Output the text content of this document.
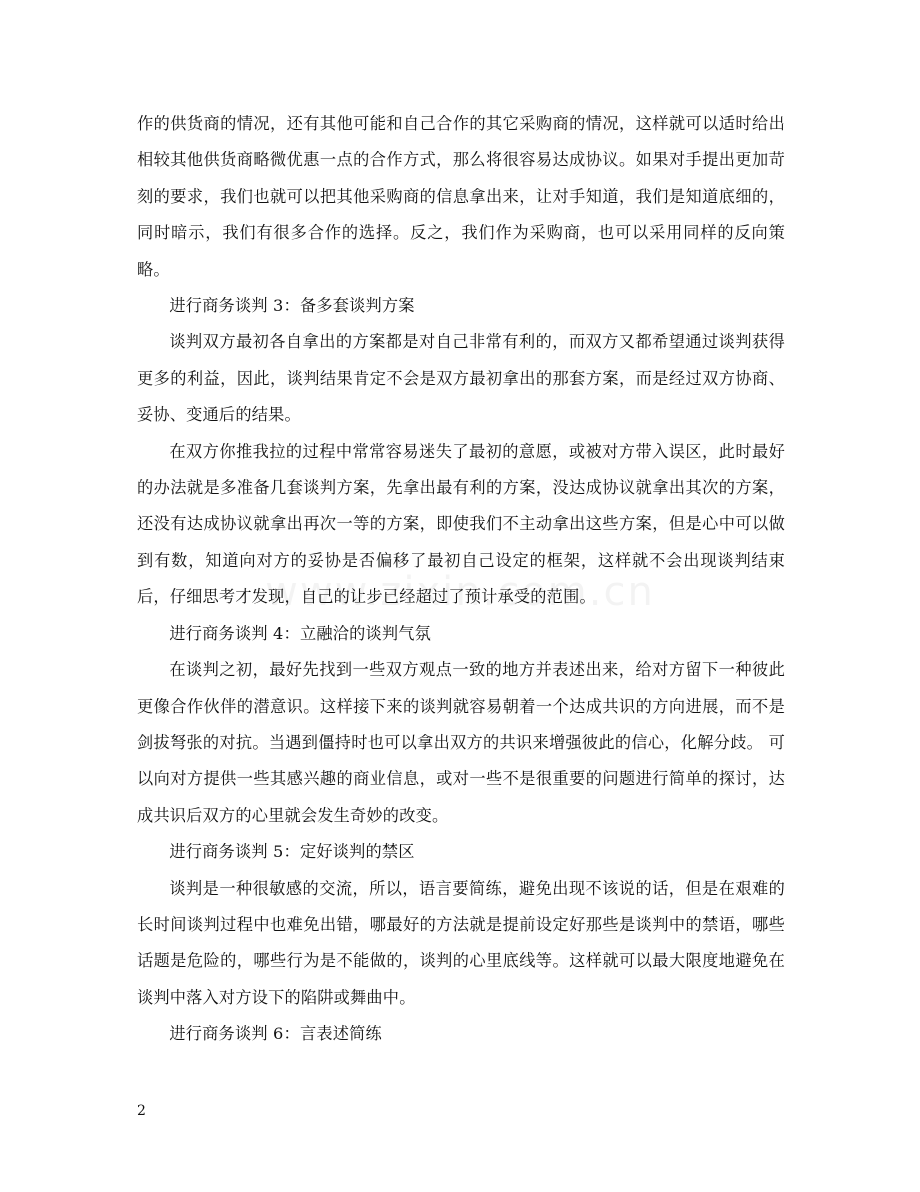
作的供货商的情况，还有其他可能和自己合作的其它采购商的情况，这样就可以适时给出相较其他供货商略微优惠一点的合作方式，那么将很容易达成协议。如果对手提出更加苛刻的要求，我们也就可以把其他采购商的信息拿出来，让对手知道，我们是知道底细的，同时暗示，我们有很多合作的选择。反之，我们作为采购商，也可以采用同样的反向策略。

进行商务谈判 3：备多套谈判方案

谈判双方最初各自拿出的方案都是对自己非常有利的，而双方又都希望通过谈判获得更多的利益，因此，谈判结果肯定不会是双方最初拿出的那套方案，而是经过双方协商、妥协、变通后的结果。

在双方你推我拉的过程中常常容易迷失了最初的意愿，或被对方带入误区，此时最好的办法就是多准备几套谈判方案，先拿出最有利的方案，没达成协议就拿出其次的方案，还没有达成协议就拿出再次一等的方案，即使我们不主动拿出这些方案，但是心中可以做到有数，知道向对方的妥协是否偏移了最初自己设定的框架，这样就不会出现谈判结束后，仔细思考才发现，自己的让步已经超过了预计承受的范围。

进行商务谈判 4：立融洽的谈判气氛

在谈判之初，最好先找到一些双方观点一致的地方并表述出来，给对方留下一种彼此更像合作伙伴的潜意识。这样接下来的谈判就容易朝着一个达成共识的方向进展，而不是剑拔弩张的对抗。当遇到僵持时也可以拿出双方的共识来增强彼此的信心，化解分歧。 可以向对方提供一些其感兴趣的商业信息，或对一些不是很重要的问题进行简单的探讨，达成共识后双方的心里就会发生奇妙的改变。

进行商务谈判 5：定好谈判的禁区

谈判是一种很敏感的交流，所以，语言要简练，避免出现不该说的话，但是在艰难的长时间谈判过程中也难免出错，哪最好的方法就是提前设定好那些是谈判中的禁语，哪些话题是危险的，哪些行为是不能做的，谈判的心里底线等。这样就可以最大限度地避免在谈判中落入对方设下的陷阱或舞曲中。

进行商务谈判 6：言表述简练

2
